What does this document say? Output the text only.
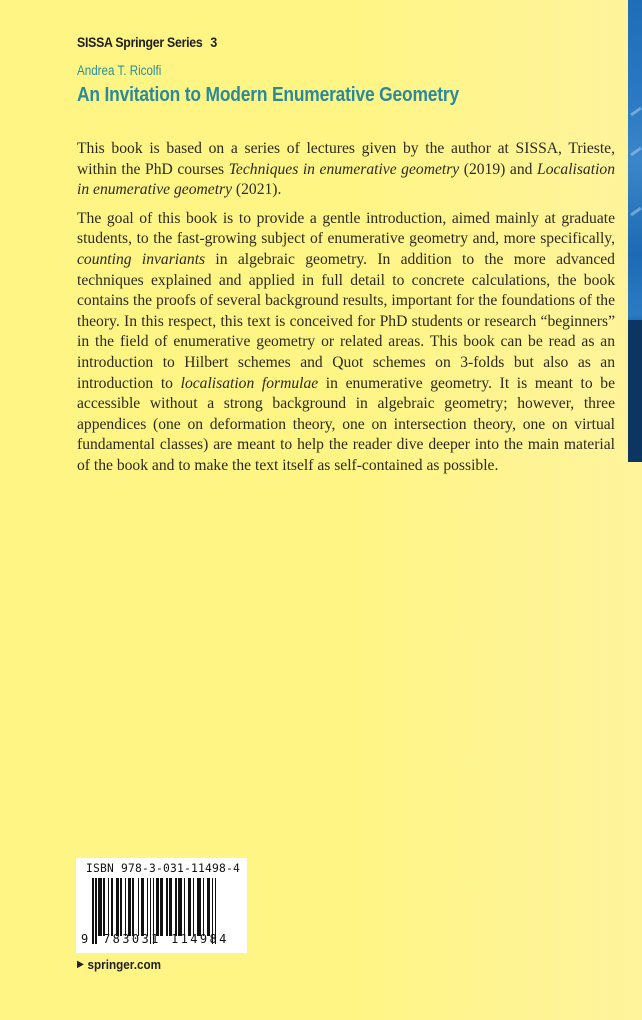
SISSA Springer Series 3
Andrea T. Ricolfi
An Invitation to Modern Enumerative Geometry

This book is based on a series of lectures given by the author at SISSA, Trieste, within the PhD courses Techniques in enumerative geometry (2019) and Localisation in enumerative geometry (2021).

The goal of this book is to provide a gentle introduction, aimed mainly at graduate students, to the fast-growing subject of enumerative geometry and, more specifically, counting invariants in algebraic geometry. In addition to the more advanced techniques explained and applied in full detail to concrete calculations, the book contains the proofs of several background results, important for the foundations of the theory. In this respect, this text is conceived for PhD students or research “beginners” in the field of enumerative geometry or related areas. This book can be read as an introduction to Hilbert schemes and Quot schemes on 3-folds but also as an introduction to localisation formulae in enumerative geometry. It is meant to be accessible without a strong background in algebraic geometry; however, three appendices (one on deformation theory, one on intersection theory, one on virtual fundamental classes) are meant to help the reader dive deeper into the main material of the book and to make the text itself as self-contained as possible.

ISBN 978-3-031-11498-4
9 783031 114984
▶ springer.com
